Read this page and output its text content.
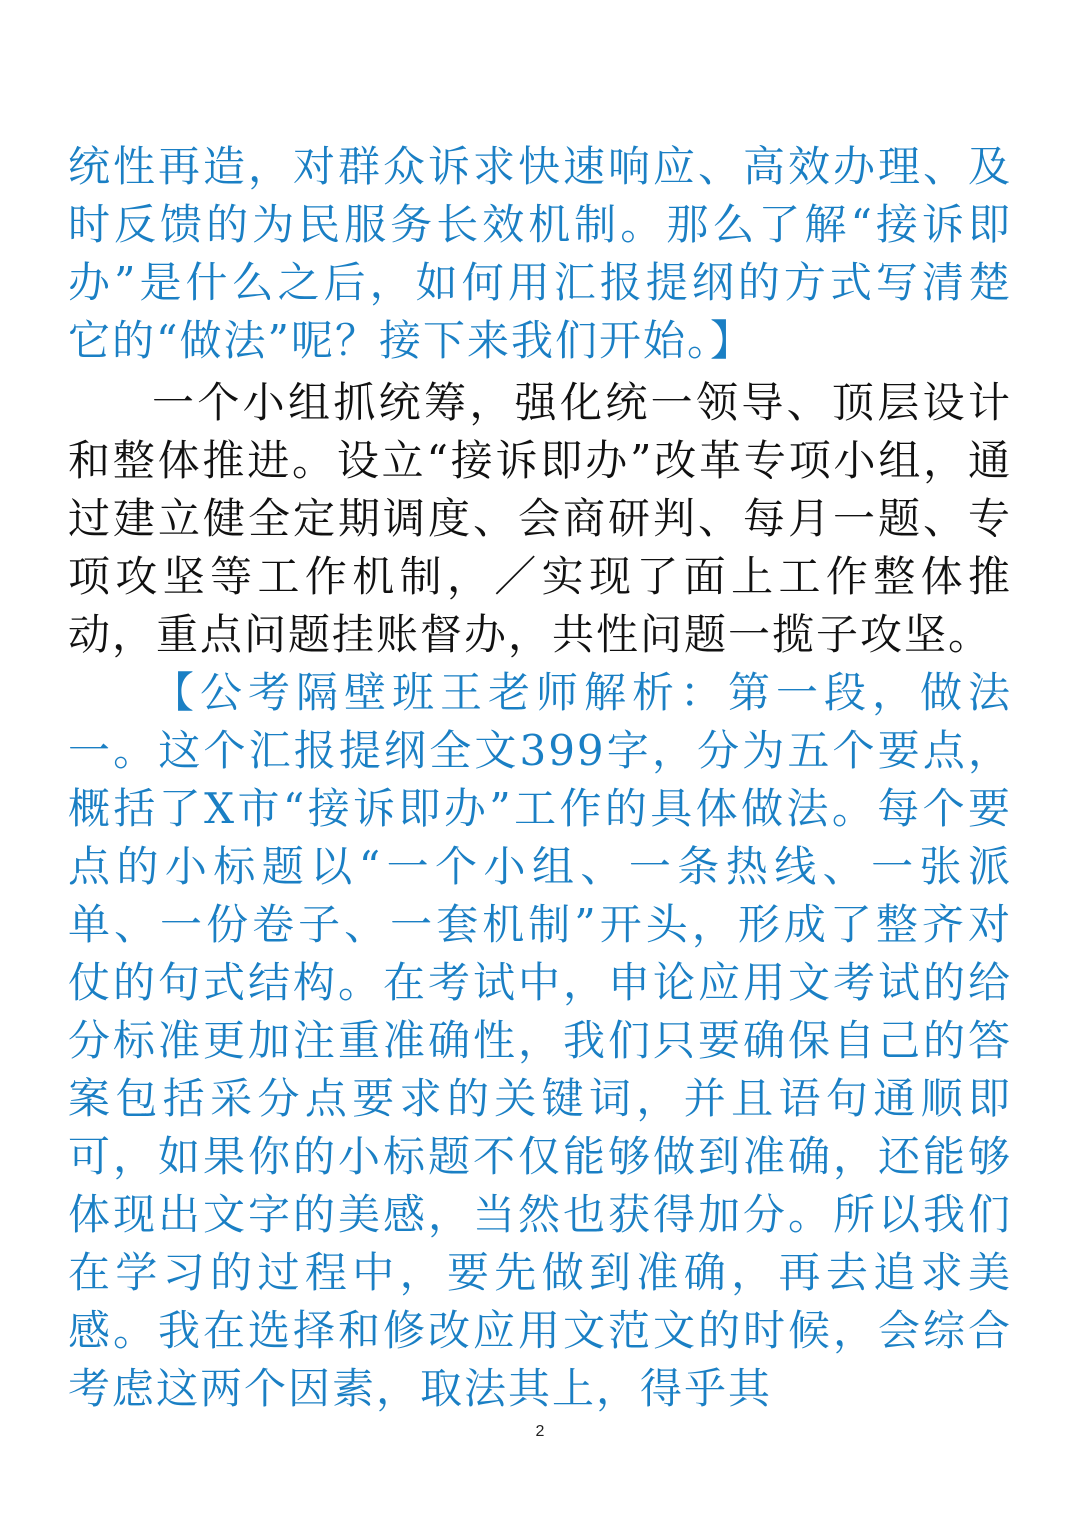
统性再造，对群众诉求快速响应、高效办理、及时反馈的为民服务长效机制。那么了解“接诉即办”是什么之后，如何用汇报提纲的方式写清楚它的“做法”呢？接下来我们开始。】

一个小组抓统筹，强化统一领导、顶层设计和整体推进。设立“接诉即办”改革专项小组，通过建立健全定期调度、会商研判、每月一题、专项攻坚等工作机制，／实现了面上工作整体推动，重点问题挂账督办，共性问题一揽子攻坚。

【公考隔壁班王老师解析：第一段，做法一。这个汇报提纲全文399字，分为五个要点，概括了X市“接诉即办”工作的具体做法。每个要点的小标题以“一个小组、一条热线、一张派单、一份卷子、一套机制”开头，形成了整齐对仗的句式结构。在考试中，申论应用文考试的给分标准更加注重准确性，我们只要确保自己的答案包括采分点要求的关键词，并且语句通顺即可，如果你的小标题不仅能够做到准确，还能够体现出文字的美感，当然也获得加分。所以我们在学习的过程中，要先做到准确，再去追求美感。我在选择和修改应用文范文的时候，会综合考虑这两个因素，取法其上，得乎其

2
